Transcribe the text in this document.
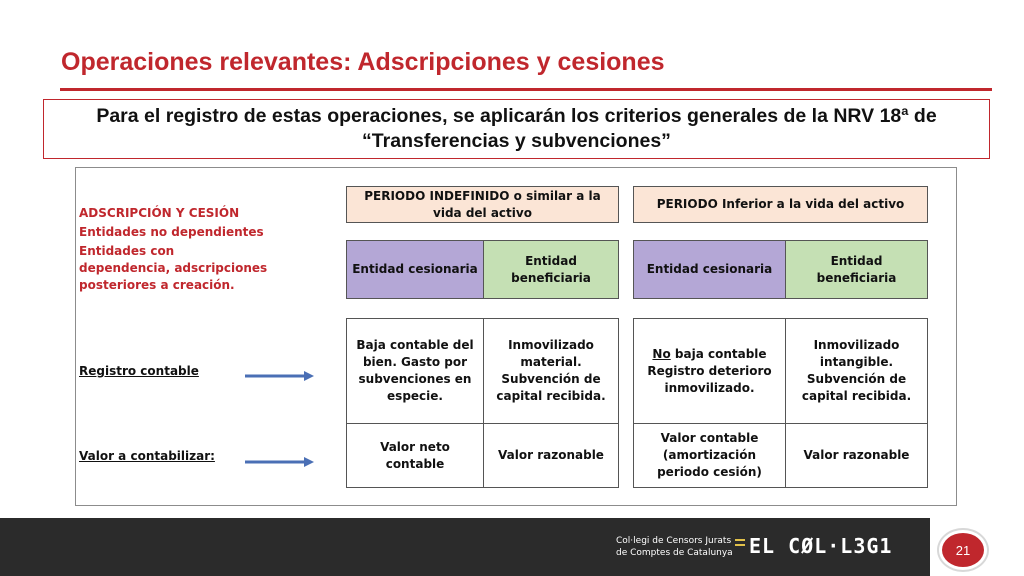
Operaciones relevantes: Adscripciones y cesiones
Para el registro de estas operaciones, se aplicarán los criterios generales de la NRV 18ª de
“Transferencias y subvenciones”
ADSCRIPCIÓN Y CESIÓN
Entidades no dependientes
Entidades con dependencia, adscripciones posteriores a creación.
Registro contable
Valor a contabilizar:
PERIODO INDEFINIDO o similar a la vida del activo
Entidad cesionaria
Entidad beneficiaria
Baja contable del bien. Gasto por subvenciones en especie.
Inmovilizado material. Subvención de capital recibida.
Valor neto contable
Valor razonable
PERIODO Inferior a la vida del activo
Entidad cesionaria
Entidad beneficiaria
No baja contable Registro deterioro inmovilizado.
Inmovilizado intangible. Subvención de capital recibida.
Valor contable (amortización periodo cesión)
Valor razonable
Col·legi de Censors Jurats
de Comptes de Catalunya EL CØL·L3G1	21
